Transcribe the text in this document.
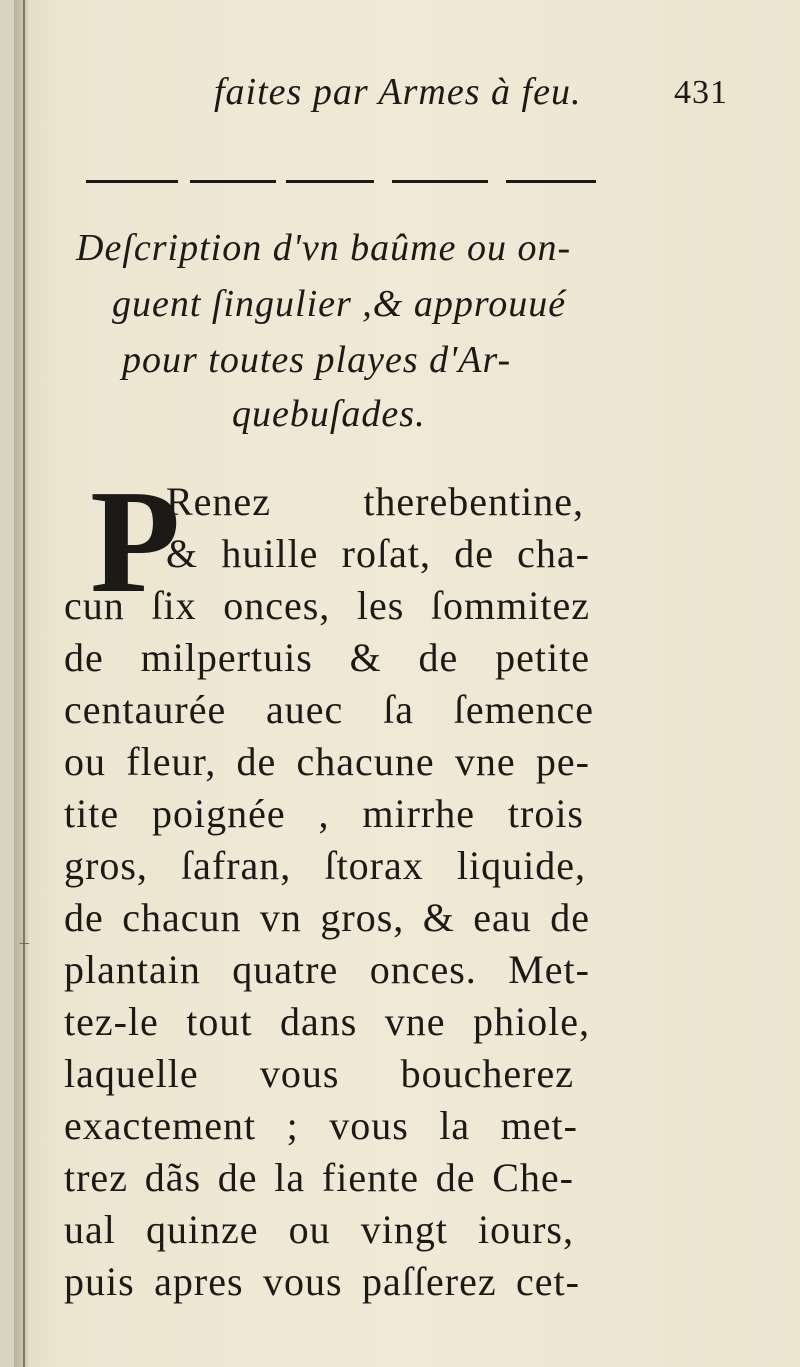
faites par Armes à feu.	431
Deſcription d'vn baûme ou on-
guent ſingulier ,& approuué
pour toutes playes d'Ar-
quebuſades.
P
Renez therebentine,
& huille roſat, de cha-
cun ſix onces, les ſommitez
de milpertuis & de petite
centaurée auec ſa ſemence
ou fleur, de chacune vne pe-
tite poignée , mirrhe trois
gros, ſafran, ſtorax liquide,
de chacun vn gros, & eau de
plantain quatre onces. Met-
tez-le tout dans vne phiole,
laquelle vous boucherez
exactement ; vous la met-
trez dãs de la fiente de Che-
ual quinze ou vingt iours,
puis apres vous paſſerez cet-
–
